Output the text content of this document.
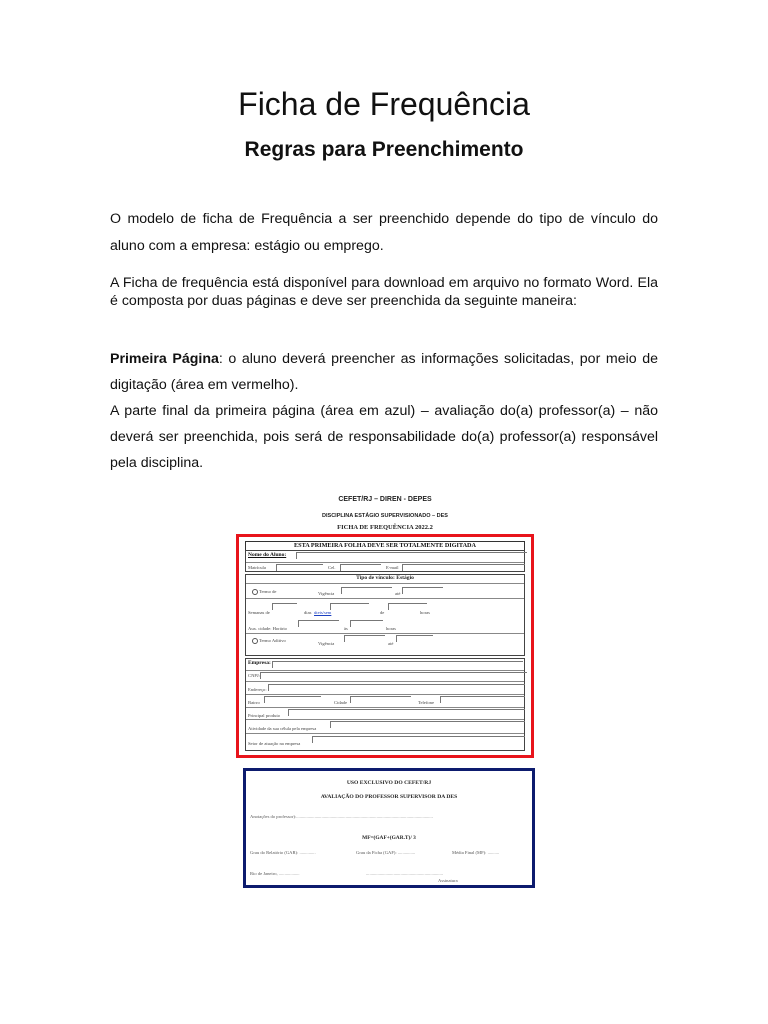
Ficha de Frequência
Regras para Preenchimento

O modelo de ficha de Frequência a ser preenchido depende do tipo de vínculo do aluno com a empresa: estágio ou emprego.

A Ficha de frequência está disponível para download em arquivo no formato Word. Ela é composta por duas páginas e deve ser preenchida da seguinte maneira:

Primeira Página: o aluno deverá preencher as informações solicitadas, por meio de digitação (área em vermelho).

A parte final da primeira página (área em azul) – avaliação do(a) professor(a) – não deverá ser preenchida, pois será de responsabilidade do(a) professor(a) responsável pela disciplina.

CEFET/RJ – DIREN - DEPES
DISCIPLINA ESTÁGIO SUPERVISIONADO – DES
FICHA DE FREQUÊNCIA 2022.2
ESTA PRIMEIRA FOLHA DEVE SER TOTALMENTE DIGITADA
Nome do Aluno:
Matrícula	Cel.	E-mail
Tipo de vínculo: Estágio
Termo de	Vigência	até
Semanas de	dias úteis/sem	de	horas
Aux. cidade: Horário	às	horas
Termo Aditivo
Vigência	até
Empresa:
CNPJ:
Endereço:
Bairro	Cidade	Telefone
Principal produto
Atividade da sua célula pela empresa
Setor de atuação na empresa
USO EXCLUSIVO DO CEFET/RJ
AVALIAÇÃO DO PROFESSOR SUPERVISOR DA DES
Anotações do professor):.......................................................................................................................
MF=(GAF+(GAR.T)/ 3
Grau do Relatório (GAR): ..............	Grau da Ficha (GAF): ...............	Média Final (MF): ..........
Rio de Janeiro, ..................	...................................................................
Assinatura
